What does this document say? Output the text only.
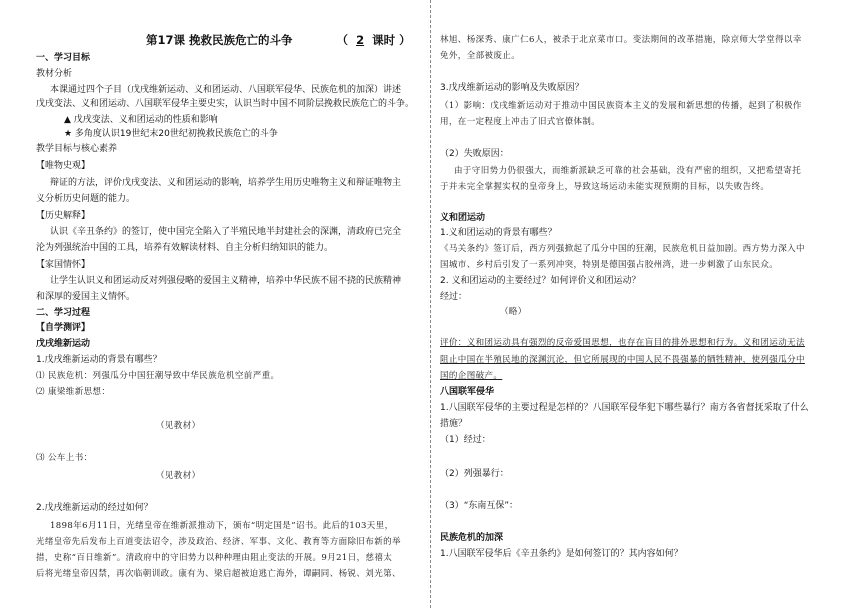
第17课 挽救民族危亡的斗争	（ 2 课时 ）
一、学习目标
教材分析
本课通过四个子目（戊戌维新运动、义和团运动、八国联军侵华、民族危机的加深）讲述
戊戌变法、义和团运动、八国联军侵华主要史实，认识当时中国不同阶层挽救民族危亡的斗争。
▲ 戊戌变法、义和团运动的性质和影响
★ 多角度认识19世纪末20世纪初挽救民族危亡的斗争
教学目标与核心素养
【唯物史观】
辩证的方法，评价戊戌变法、义和团运动的影响，培养学生用历史唯物主义和辩证唯物主
义分析历史问题的能力。
【历史解释】
认识《辛丑条约》的签订，使中国完全陷入了半殖民地半封建社会的深渊，清政府已完全
沦为列强统治中国的工具，培养有效解读材料、自主分析归纳知识的能力。
【家国情怀】
让学生认识义和团运动反对列强侵略的爱国主义精神，培养中华民族不屈不挠的民族精神
和深厚的爱国主义情怀。
二、学习过程
【自学测评】
戊戌维新运动
1.戊戌维新运动的背景有哪些？
⑴ 民族危机：列强瓜分中国狂潮导致中华民族危机空前严重。
⑵ 康梁维新思想：
（见教材）
⑶ 公车上书：
（见教材）
2.戊戌维新运动的经过如何？
1898年6月11日，光绪皇帝在维新派推动下，颁布“明定国是”诏书。此后的103天里，
光绪皇帝先后发布上百道变法诏令，涉及政治、经济、军事、文化、教育等方面除旧布新的举
措，史称“百日维新”。清政府中的守旧势力以种种理由阻止变法的开展。9月21日，慈禧太
后将光绪皇帝囚禁，再次临朝训政。康有为、梁启超被迫逃亡海外，谭嗣同、杨锐、刘光第、
林旭、杨深秀、康广仁6人，被杀于北京菜市口。变法期间的改革措施，除京师大学堂得以幸
免外，全部被废止。
3.戊戌维新运动的影响及失败原因？
（1）影响：戊戌维新运动对于推动中国民族资本主义的发展和新思想的传播，起到了积极作
用，在一定程度上冲击了旧式官僚体制。
（2）失败原因：
由于守旧势力仍很强大，而维新派缺乏可靠的社会基础，没有严密的组织，又把希望寄托
于并未完全掌握实权的皇帝身上，导致这场运动未能实现预期的目标，以失败告终。
义和团运动
1.义和团运动的背景有哪些？
《马关条约》签订后，西方列强掀起了瓜分中国的狂潮，民族危机日益加剧。西方势力深入中
国城市、乡村后引发了一系列冲突，特别是德国强占胶州湾，进一步刺激了山东民众。
2. 义和团运动的主要经过？如何评价义和团运动？
经过：
（略）
评价：义和团运动具有强烈的反帝爱国思想，也存在盲目的排外思想和行为。义和团运动无法
阻止中国在半殖民地的深渊沉沦，但它所展现的中国人民不畏强暴的牺牲精神，使列强瓜分中
国的企图破产。
八国联军侵华
1.八国联军侵华的主要过程是怎样的？八国联军侵华犯下哪些暴行？南方各省督抚采取了什么
措施？
（1）经过：
（2）列强暴行：
（3）“东南互保”：
民族危机的加深
1.八国联军侵华后《辛丑条约》是如何签订的？其内容如何？
